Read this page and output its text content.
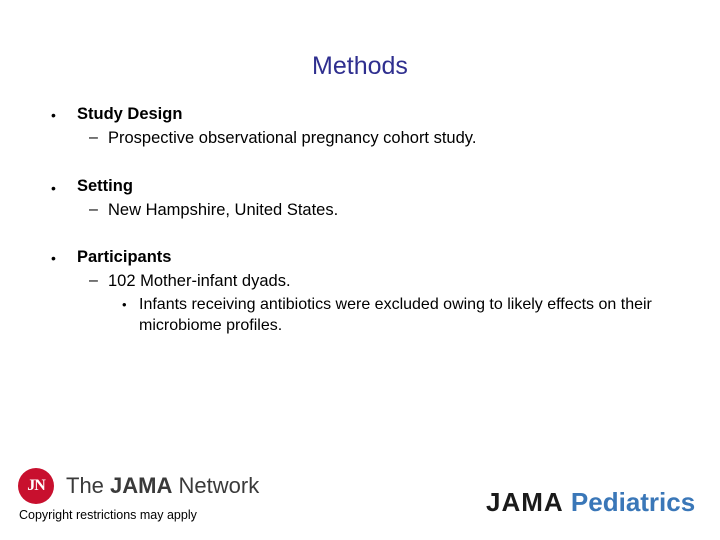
Methods
• Study Design
– Prospective observational pregnancy cohort study.
• Setting
– New Hampshire, United States.
• Participants
– 102 Mother-infant dyads.
• Infants receiving antibiotics were excluded owing to likely effects on their microbiome profiles.
JN The JAMA Network
Copyright restrictions may apply	JAMA Pediatrics
